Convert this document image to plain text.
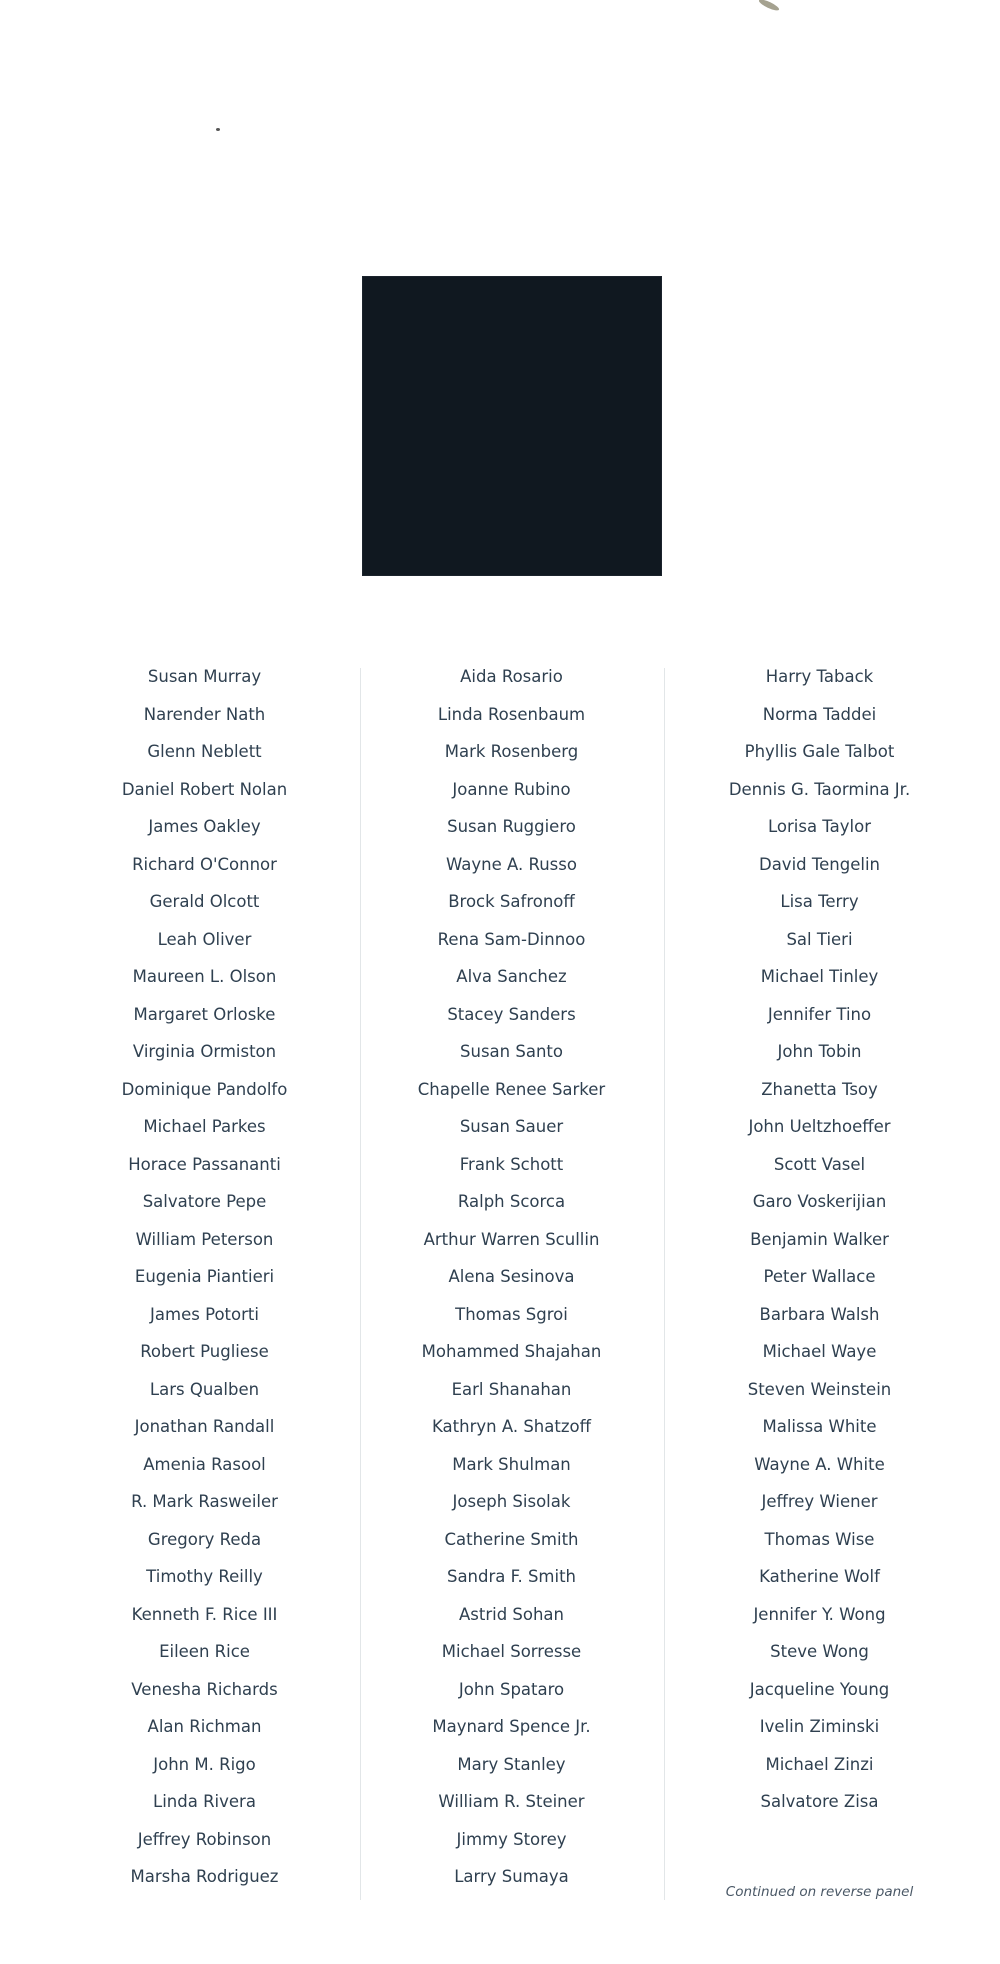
Susan Murray
Narender Nath
Glenn Neblett
Daniel Robert Nolan
James Oakley
Richard O'Connor
Gerald Olcott
Leah Oliver
Maureen L. Olson
Margaret Orloske
Virginia Ormiston
Dominique Pandolfo
Michael Parkes
Horace Passananti
Salvatore Pepe
William Peterson
Eugenia Piantieri
James Potorti
Robert Pugliese
Lars Qualben
Jonathan Randall
Amenia Rasool
R. Mark Rasweiler
Gregory Reda
Timothy Reilly
Kenneth F. Rice III
Eileen Rice
Venesha Richards
Alan Richman
John M. Rigo
Linda Rivera
Jeffrey Robinson
Marsha Rodriguez
Aida Rosario
Linda Rosenbaum
Mark Rosenberg
Joanne Rubino
Susan Ruggiero
Wayne A. Russo
Brock Safronoff
Rena Sam-Dinnoo
Alva Sanchez
Stacey Sanders
Susan Santo
Chapelle Renee Sarker
Susan Sauer
Frank Schott
Ralph Scorca
Arthur Warren Scullin
Alena Sesinova
Thomas Sgroi
Mohammed Shajahan
Earl Shanahan
Kathryn A. Shatzoff
Mark Shulman
Joseph Sisolak
Catherine Smith
Sandra F. Smith
Astrid Sohan
Michael Sorresse
John Spataro
Maynard Spence Jr.
Mary Stanley
William R. Steiner
Jimmy Storey
Larry Sumaya
Harry Taback
Norma Taddei
Phyllis Gale Talbot
Dennis G. Taormina Jr.
Lorisa Taylor
David Tengelin
Lisa Terry
Sal Tieri
Michael Tinley
Jennifer Tino
John Tobin
Zhanetta Tsoy
John Ueltzhoeffer
Scott Vasel
Garo Voskerijian
Benjamin Walker
Peter Wallace
Barbara Walsh
Michael Waye
Steven Weinstein
Malissa White
Wayne A. White
Jeffrey Wiener
Thomas Wise
Katherine Wolf
Jennifer Y. Wong
Steve Wong
Jacqueline Young
Ivelin Ziminski
Michael Zinzi
Salvatore Zisa
Continued on reverse panel
